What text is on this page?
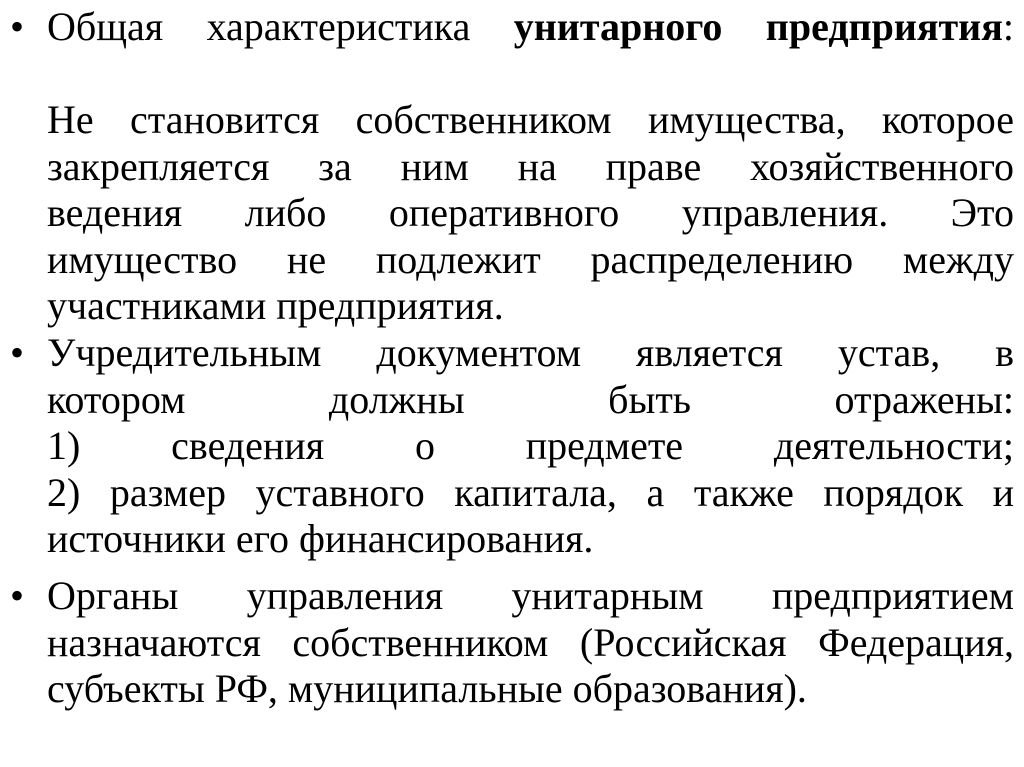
• Общая характеристика унитарного предприятия:
Не становится собственником имущества, которое
закрепляется за ним на праве хозяйственного
ведения либо оперативного управления. Это
имущество не подлежит распределению между
участниками предприятия.
• Учредительным документом является устав, в
котором должны быть отражены:
1) сведения о предмете деятельности;
2) размер уставного капитала, а также порядок и
источники его финансирования.
• Органы управления унитарным предприятием
назначаются собственником (Российская Федерация,
субъекты РФ, муниципальные образования).
